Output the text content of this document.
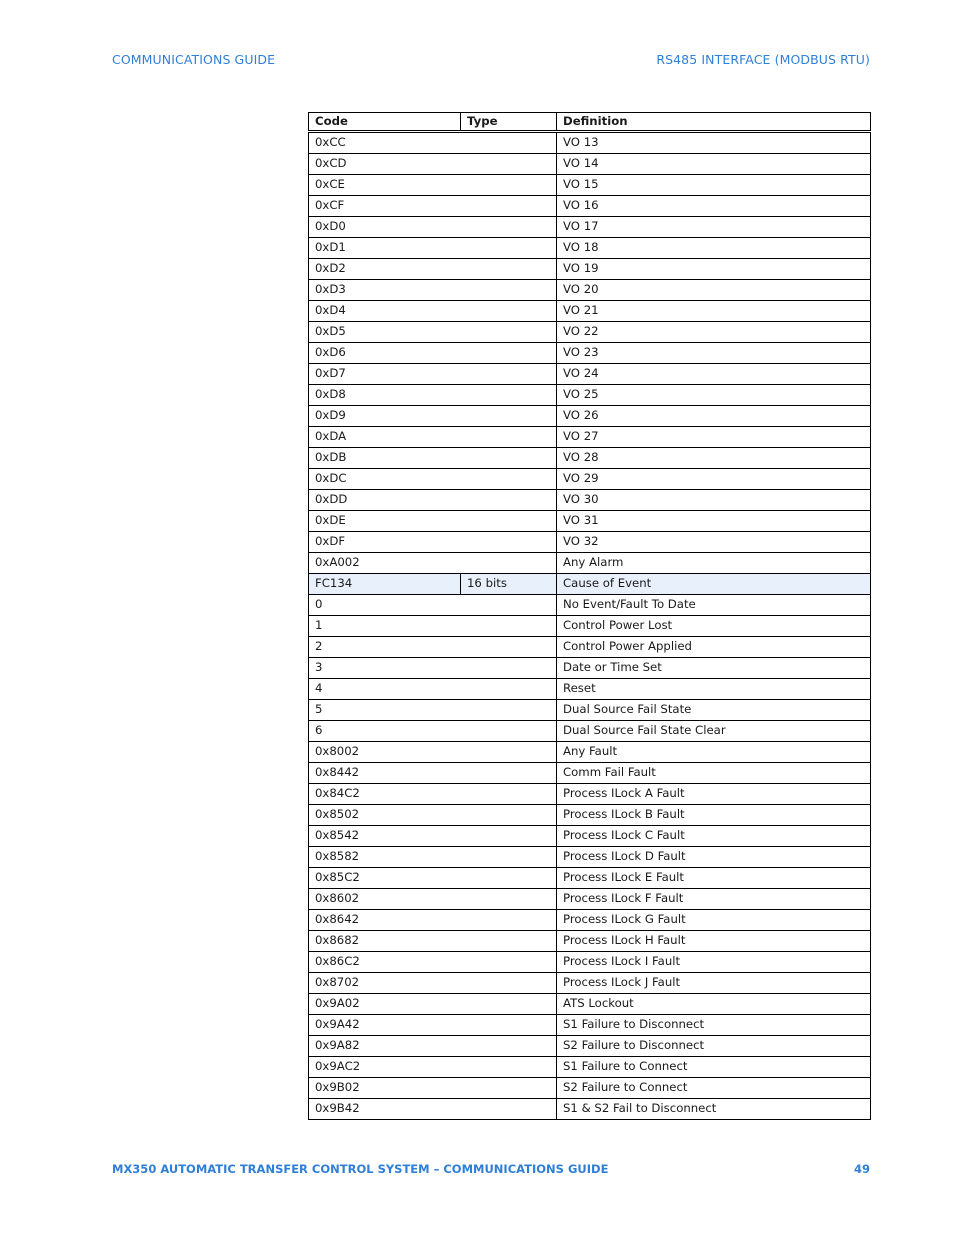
COMMUNICATIONS GUIDE	RS485 INTERFACE (MODBUS RTU)
Code	Type	Definition
0xCC		VO 13
0xCD		VO 14
0xCE		VO 15
0xCF		VO 16
0xD0		VO 17
0xD1		VO 18
0xD2		VO 19
0xD3		VO 20
0xD4		VO 21
0xD5		VO 22
0xD6		VO 23
0xD7		VO 24
0xD8		VO 25
0xD9		VO 26
0xDA		VO 27
0xDB		VO 28
0xDC		VO 29
0xDD		VO 30
0xDE		VO 31
0xDF		VO 32
0xA002		Any Alarm
FC134	16 bits	Cause of Event
0		No Event/Fault To Date
1		Control Power Lost
2		Control Power Applied
3		Date or Time Set
4		Reset
5		Dual Source Fail State
6		Dual Source Fail State Clear
0x8002		Any Fault
0x8442		Comm Fail Fault
0x84C2		Process ILock A Fault
0x8502		Process ILock B Fault
0x8542		Process ILock C Fault
0x8582		Process ILock D Fault
0x85C2		Process ILock E Fault
0x8602		Process ILock F Fault
0x8642		Process ILock G Fault
0x8682		Process ILock H Fault
0x86C2		Process ILock I Fault
0x8702		Process ILock J Fault
0x9A02		ATS Lockout
0x9A42		S1 Failure to Disconnect
0x9A82		S2 Failure to Disconnect
0x9AC2		S1 Failure to Connect
0x9B02		S2 Failure to Connect
0x9B42		S1 & S2 Fail to Disconnect
MX350 AUTOMATIC TRANSFER CONTROL SYSTEM – COMMUNICATIONS GUIDE	49
